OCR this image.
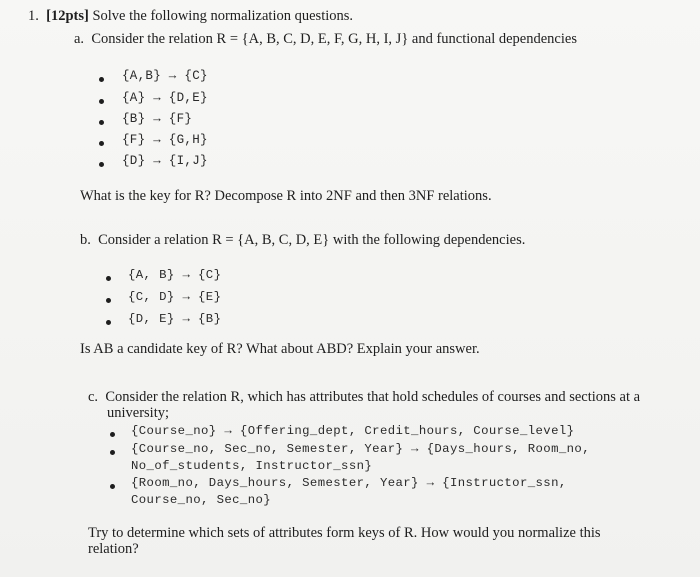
1. [12pts] Solve the following normalization questions.
a. Consider the relation R = {A, B, C, D, E, F, G, H, I, J} and functional dependencies
{A,B} → {C}
{A} → {D,E}
{B} → {F}
{F} → {G,H}
{D} → {I,J}
What is the key for R? Decompose R into 2NF and then 3NF relations.
b. Consider a relation R = {A, B, C, D, E} with the following dependencies.
{A, B} → {C}
{C, D} → {E}
{D, E} → {B}
Is AB a candidate key of R? What about ABD? Explain your answer.
c. Consider the relation R, which has attributes that hold schedules of courses and sections at a
university;
{Course_no} → {Offering_dept, Credit_hours, Course_level}
{Course_no, Sec_no, Semester, Year} → {Days_hours, Room_no,
No_of_students, Instructor_ssn}
{Room_no, Days_hours, Semester, Year} → {Instructor_ssn,
Course_no, Sec_no}
Try to determine which sets of attributes form keys of R. How would you normalize this
relation?
